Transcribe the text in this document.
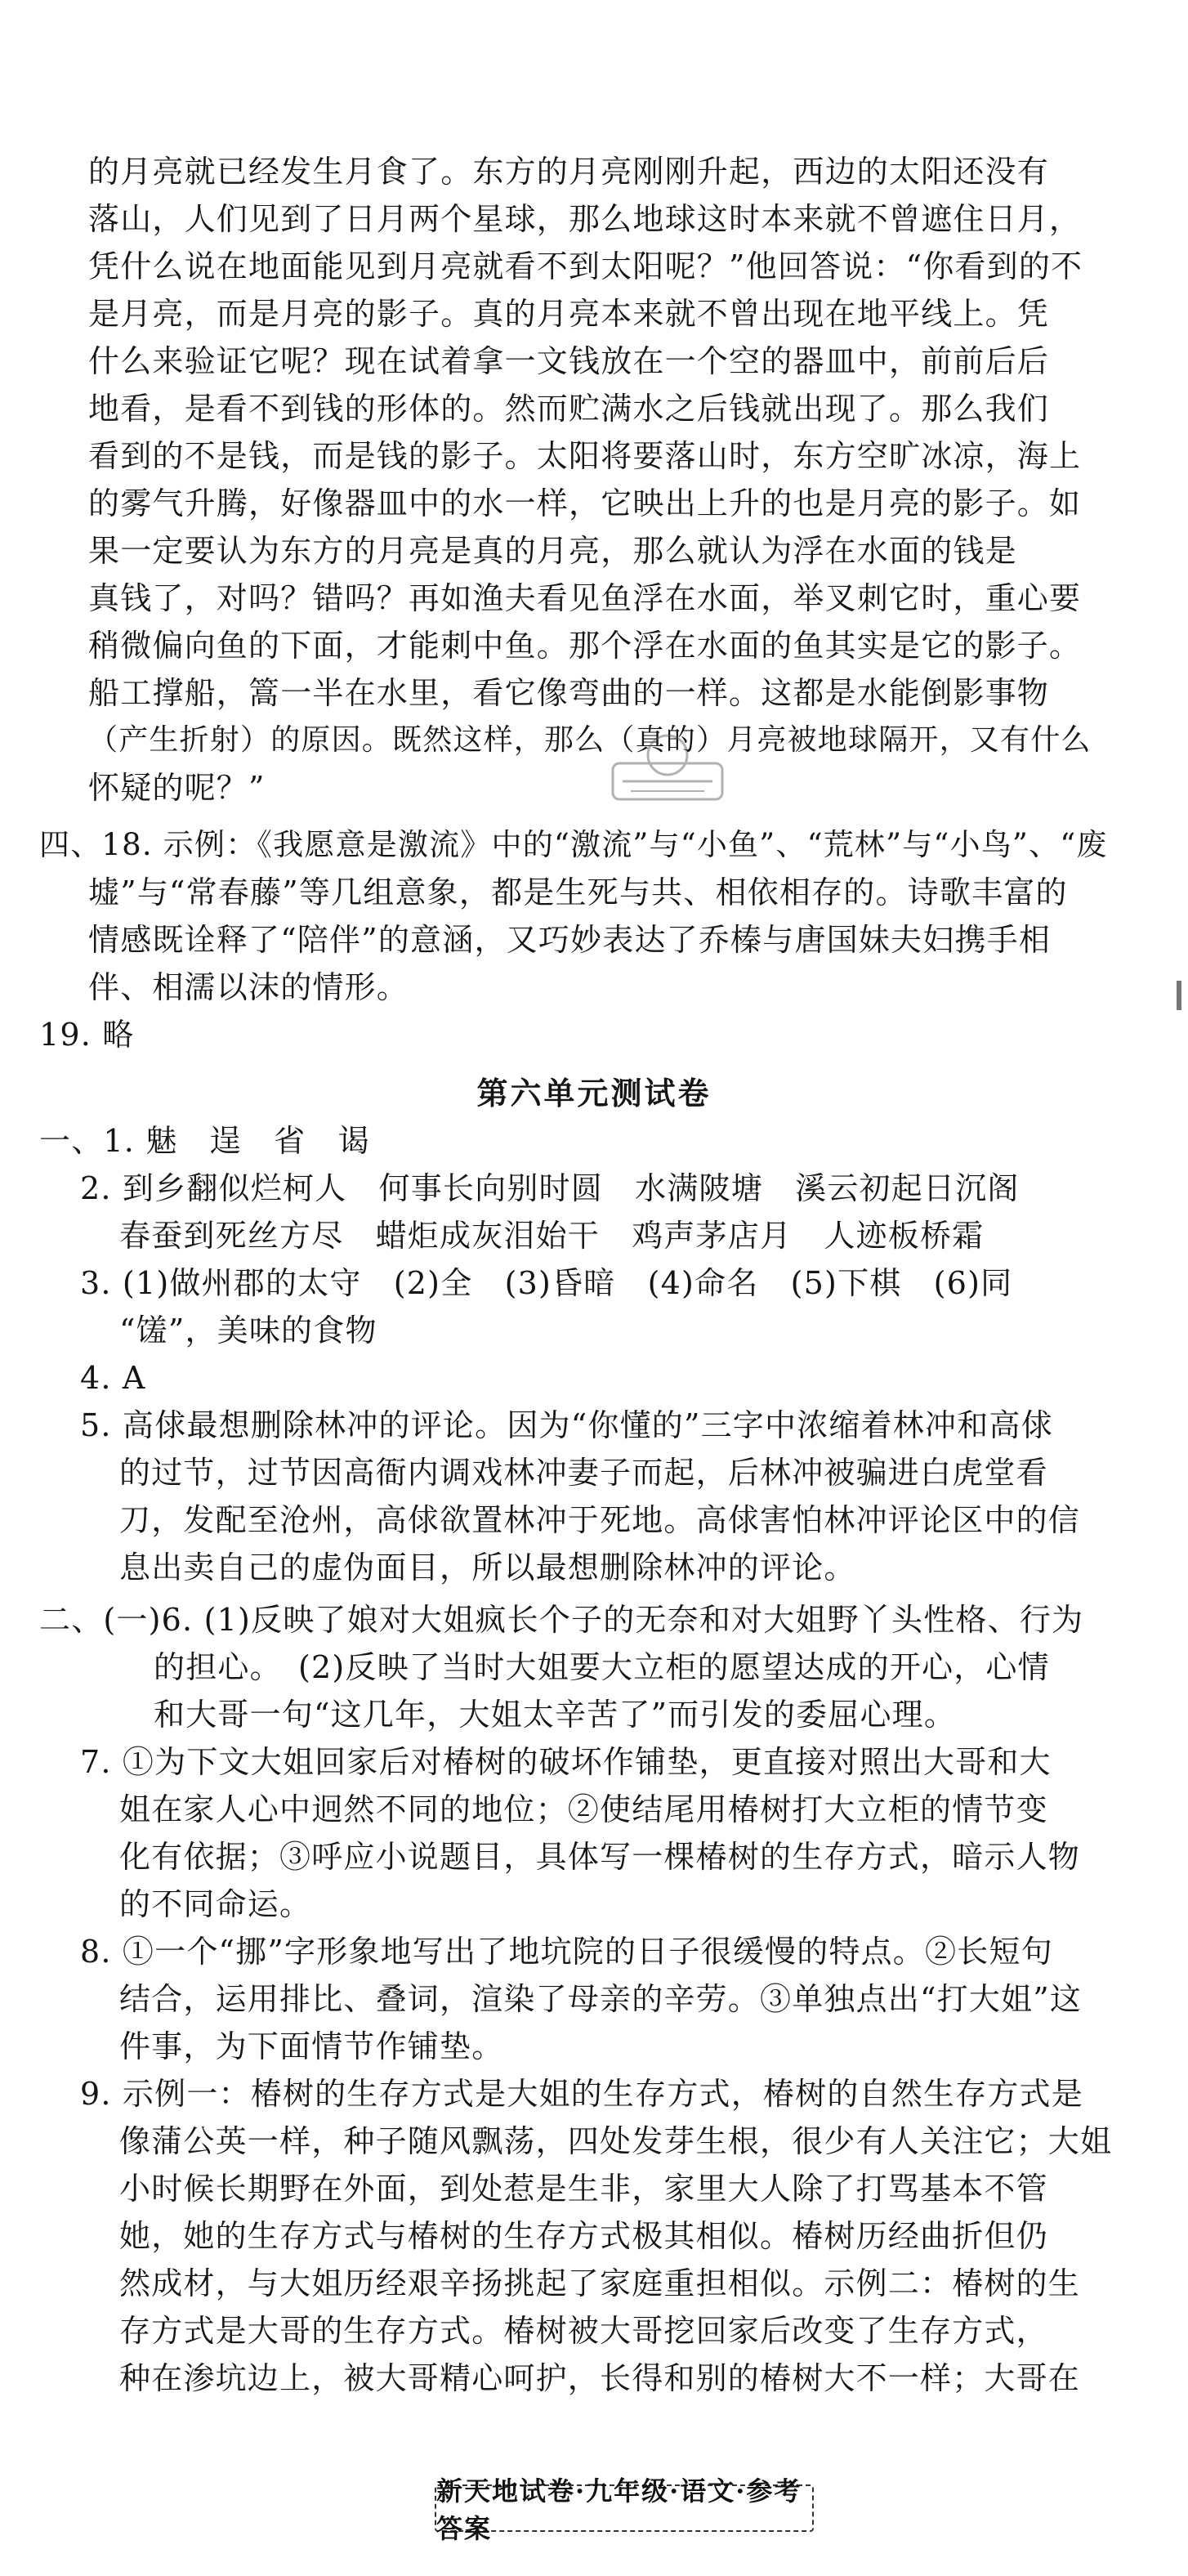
的月亮就已经发生月食了。东方的月亮刚刚升起，西边的太阳还没有
落山，人们见到了日月两个星球，那么地球这时本来就不曾遮住日月，
凭什么说在地面能见到月亮就看不到太阳呢？”他回答说：“你看到的不
是月亮，而是月亮的影子。真的月亮本来就不曾出现在地平线上。凭
什么来验证它呢？现在试着拿一文钱放在一个空的器皿中，前前后后
地看，是看不到钱的形体的。然而贮满水之后钱就出现了。那么我们
看到的不是钱，而是钱的影子。太阳将要落山时，东方空旷冰凉，海上
的雾气升腾，好像器皿中的水一样，它映出上升的也是月亮的影子。如
果一定要认为东方的月亮是真的月亮，那么就认为浮在水面的钱是
真钱了，对吗？错吗？再如渔夫看见鱼浮在水面，举叉刺它时，重心要
稍微偏向鱼的下面，才能刺中鱼。那个浮在水面的鱼其实是它的影子。
船工撑船，篙一半在水里，看它像弯曲的一样。这都是水能倒影事物
（产生折射）的原因。既然这样，那么（真的）月亮被地球隔开，又有什么
怀疑的呢？”
四、18. 示例：《我愿意是激流》中的“激流”与“小鱼”、“荒林”与“小鸟”、“废
墟”与“常春藤”等几组意象，都是生死与共、相依相存的。诗歌丰富的
情感既诠释了“陪伴”的意涵，又巧妙表达了乔榛与唐国妹夫妇携手相
伴、相濡以沫的情形。
19. 略
第六单元测试卷
一、1. 魅　逞　省　谒
2. 到乡翻似烂柯人　何事长向别时圆　水满陂塘　溪云初起日沉阁
春蚕到死丝方尽　蜡炬成灰泪始干　鸡声茅店月　人迹板桥霜
3. (1)做州郡的太守　(2)全　(3)昏暗　(4)命名　(5)下棋　(6)同
“馐”，美味的食物
4. A
5. 高俅最想删除林冲的评论。因为“你懂的”三字中浓缩着林冲和高俅
的过节，过节因高衙内调戏林冲妻子而起，后林冲被骗进白虎堂看
刀，发配至沧州，高俅欲置林冲于死地。高俅害怕林冲评论区中的信
息出卖自己的虚伪面目，所以最想删除林冲的评论。
二、(一)6. (1)反映了娘对大姐疯长个子的无奈和对大姐野丫头性格、行为
的担心。　(2)反映了当时大姐要大立柜的愿望达成的开心，心情
和大哥一句“这几年，大姐太辛苦了”而引发的委屈心理。
7. ①为下文大姐回家后对椿树的破坏作铺垫，更直接对照出大哥和大
姐在家人心中迥然不同的地位；②使结尾用椿树打大立柜的情节变
化有依据；③呼应小说题目，具体写一棵椿树的生存方式，暗示人物
的不同命运。
8. ①一个“挪”字形象地写出了地坑院的日子很缓慢的特点。②长短句
结合，运用排比、叠词，渲染了母亲的辛劳。③单独点出“打大姐”这
件事，为下面情节作铺垫。
9. 示例一：椿树的生存方式是大姐的生存方式，椿树的自然生存方式是
像蒲公英一样，种子随风飘荡，四处发芽生根，很少有人关注它；大姐
小时候长期野在外面，到处惹是生非，家里大人除了打骂基本不管
她，她的生存方式与椿树的生存方式极其相似。椿树历经曲折但仍
然成材，与大姐历经艰辛扬挑起了家庭重担相似。示例二：椿树的生
存方式是大哥的生存方式。椿树被大哥挖回家后改变了生存方式，
种在渗坑边上，被大哥精心呵护，长得和别的椿树大不一样；大哥在
新天地试卷·九年级·语文·参考答案
